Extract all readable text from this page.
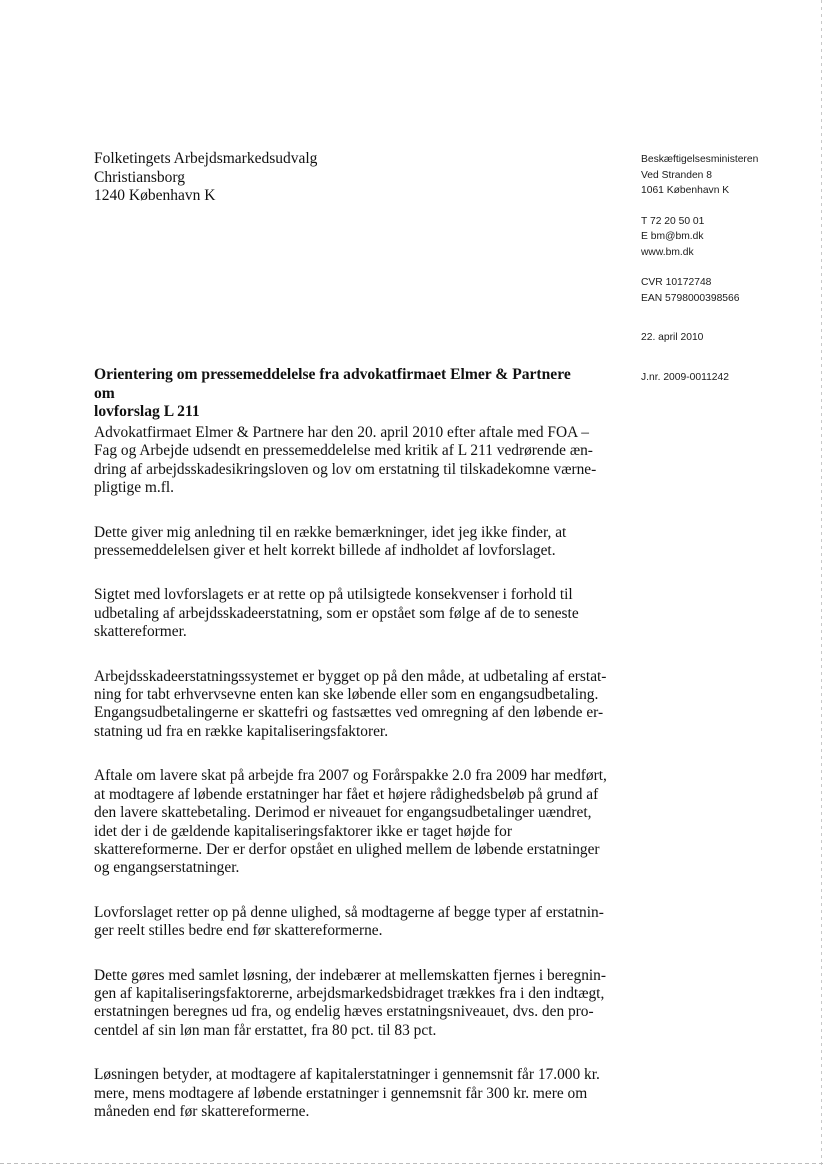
Folketingets Arbejdsmarkedsudvalg
Christiansborg
1240 København K
Beskæftigelsesministeren
Ved Stranden 8
1061 København K
T 72 20 50 01
E bm@bm.dk
www.bm.dk
CVR 10172748
EAN 5798000398566
22. april 2010
J.nr. 2009-0011242
Orientering om pressemeddelelse fra advokatfirmaet Elmer & Partnere om
lovforslag L 211

Advokatfirmaet Elmer & Partnere har den 20. april 2010 efter aftale med FOA –
Fag og Arbejde udsendt en pressemeddelelse med kritik af L 211 vedrørende æn-
dring af arbejdsskadesikringsloven og lov om erstatning til tilskadekomne værne-
pligtige m.fl.

Dette giver mig anledning til en række bemærkninger, idet jeg ikke finder, at
pressemeddelelsen giver et helt korrekt billede af indholdet af lovforslaget.

Sigtet med lovforslagets er at rette op på utilsigtede konsekvenser i forhold til
udbetaling af arbejdsskadeerstatning, som er opstået som følge af de to seneste
skattereformer.

Arbejdsskadeerstatningssystemet er bygget op på den måde, at udbetaling af erstat-
ning for tabt erhvervsevne enten kan ske løbende eller som en engangsudbetaling.
Engangsudbetalingerne er skattefri og fastsættes ved omregning af den løbende er-
statning ud fra en række kapitaliseringsfaktorer.

Aftale om lavere skat på arbejde fra 2007 og Forårspakke 2.0 fra 2009 har medført,
at modtagere af løbende erstatninger har fået et højere rådighedsbeløb på grund af
den lavere skattebetaling. Derimod er niveauet for engangsudbetalinger uændret,
idet der i de gældende kapitaliseringsfaktorer ikke er taget højde for
skattereformerne. Der er derfor opstået en ulighed mellem de løbende erstatninger
og engangserstatninger.

Lovforslaget retter op på denne ulighed, så modtagerne af begge typer af erstatnin-
ger reelt stilles bedre end før skattereformerne.

Dette gøres med samlet løsning, der indebærer at mellemskatten fjernes i beregnin-
gen af kapitaliseringsfaktorerne, arbejdsmarkedsbidraget trækkes fra i den indtægt,
erstatningen beregnes ud fra, og endelig hæves erstatningsniveauet, dvs. den pro-
centdel af sin løn man får erstattet, fra 80 pct. til 83 pct.

Løsningen betyder, at modtagere af kapitalerstatninger i gennemsnit får 17.000 kr.
mere, mens modtagere af løbende erstatninger i gennemsnit får 300 kr. mere om
måneden end før skattereformerne.
